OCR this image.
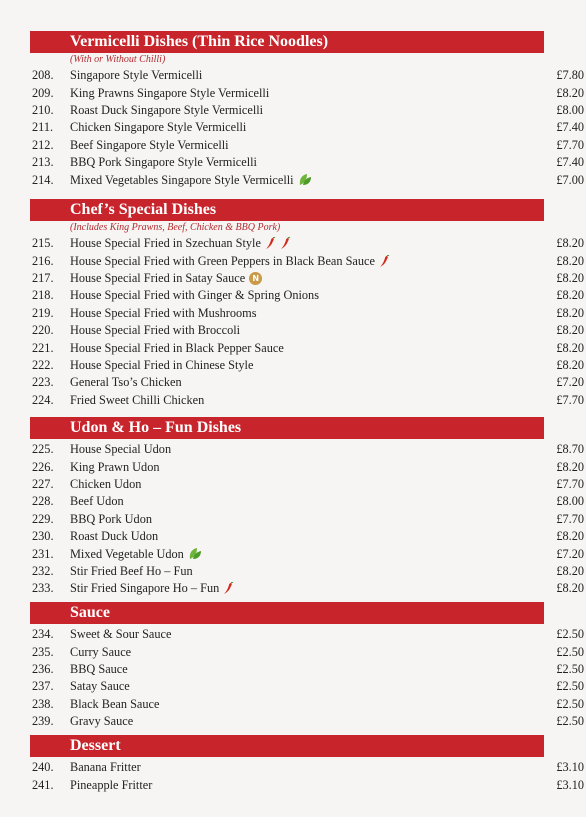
Vermicelli Dishes (Thin Rice Noodles)
(With or Without Chilli)
208.	Singapore Style Vermicelli	£7.80
209.	King Prawns Singapore Style Vermicelli	£8.20
210.	Roast Duck Singapore Style Vermicelli	£8.00
211.	Chicken Singapore Style Vermicelli	£7.40
212.	Beef Singapore Style Vermicelli	£7.70
213.	BBQ Pork Singapore Style Vermicelli	£7.40
214.	Mixed Vegetables Singapore Style Vermicelli	£7.00
Chef’s Special Dishes
(Includes King Prawns, Beef, Chicken & BBQ Pork)
215.	House Special Fried in Szechuan Style	£8.20
216.	House Special Fried with Green Peppers in Black Bean Sauce	£8.20
217.	House Special Fried in Satay Sauce N	£8.20
218.	House Special Fried with Ginger & Spring Onions	£8.20
219.	House Special Fried with Mushrooms	£8.20
220.	House Special Fried with Broccoli	£8.20
221.	House Special Fried in Black Pepper Sauce	£8.20
222.	House Special Fried in Chinese Style	£8.20
223.	General Tso’s Chicken	£7.20
224.	Fried Sweet Chilli Chicken	£7.70
Udon & Ho – Fun Dishes
225.	House Special Udon	£8.70
226.	King Prawn Udon	£8.20
227.	Chicken Udon	£7.70
228.	Beef Udon	£8.00
229.	BBQ Pork Udon	£7.70
230.	Roast Duck Udon	£8.20
231.	Mixed Vegetable Udon	£7.20
232.	Stir Fried Beef Ho – Fun	£8.20
233.	Stir Fried Singapore Ho – Fun	£8.20
Sauce
234.	Sweet & Sour Sauce	£2.50
235.	Curry Sauce	£2.50
236.	BBQ Sauce	£2.50
237.	Satay Sauce	£2.50
238.	Black Bean Sauce	£2.50
239.	Gravy Sauce	£2.50
Dessert
240.	Banana Fritter	£3.10
241.	Pineapple Fritter	£3.10
